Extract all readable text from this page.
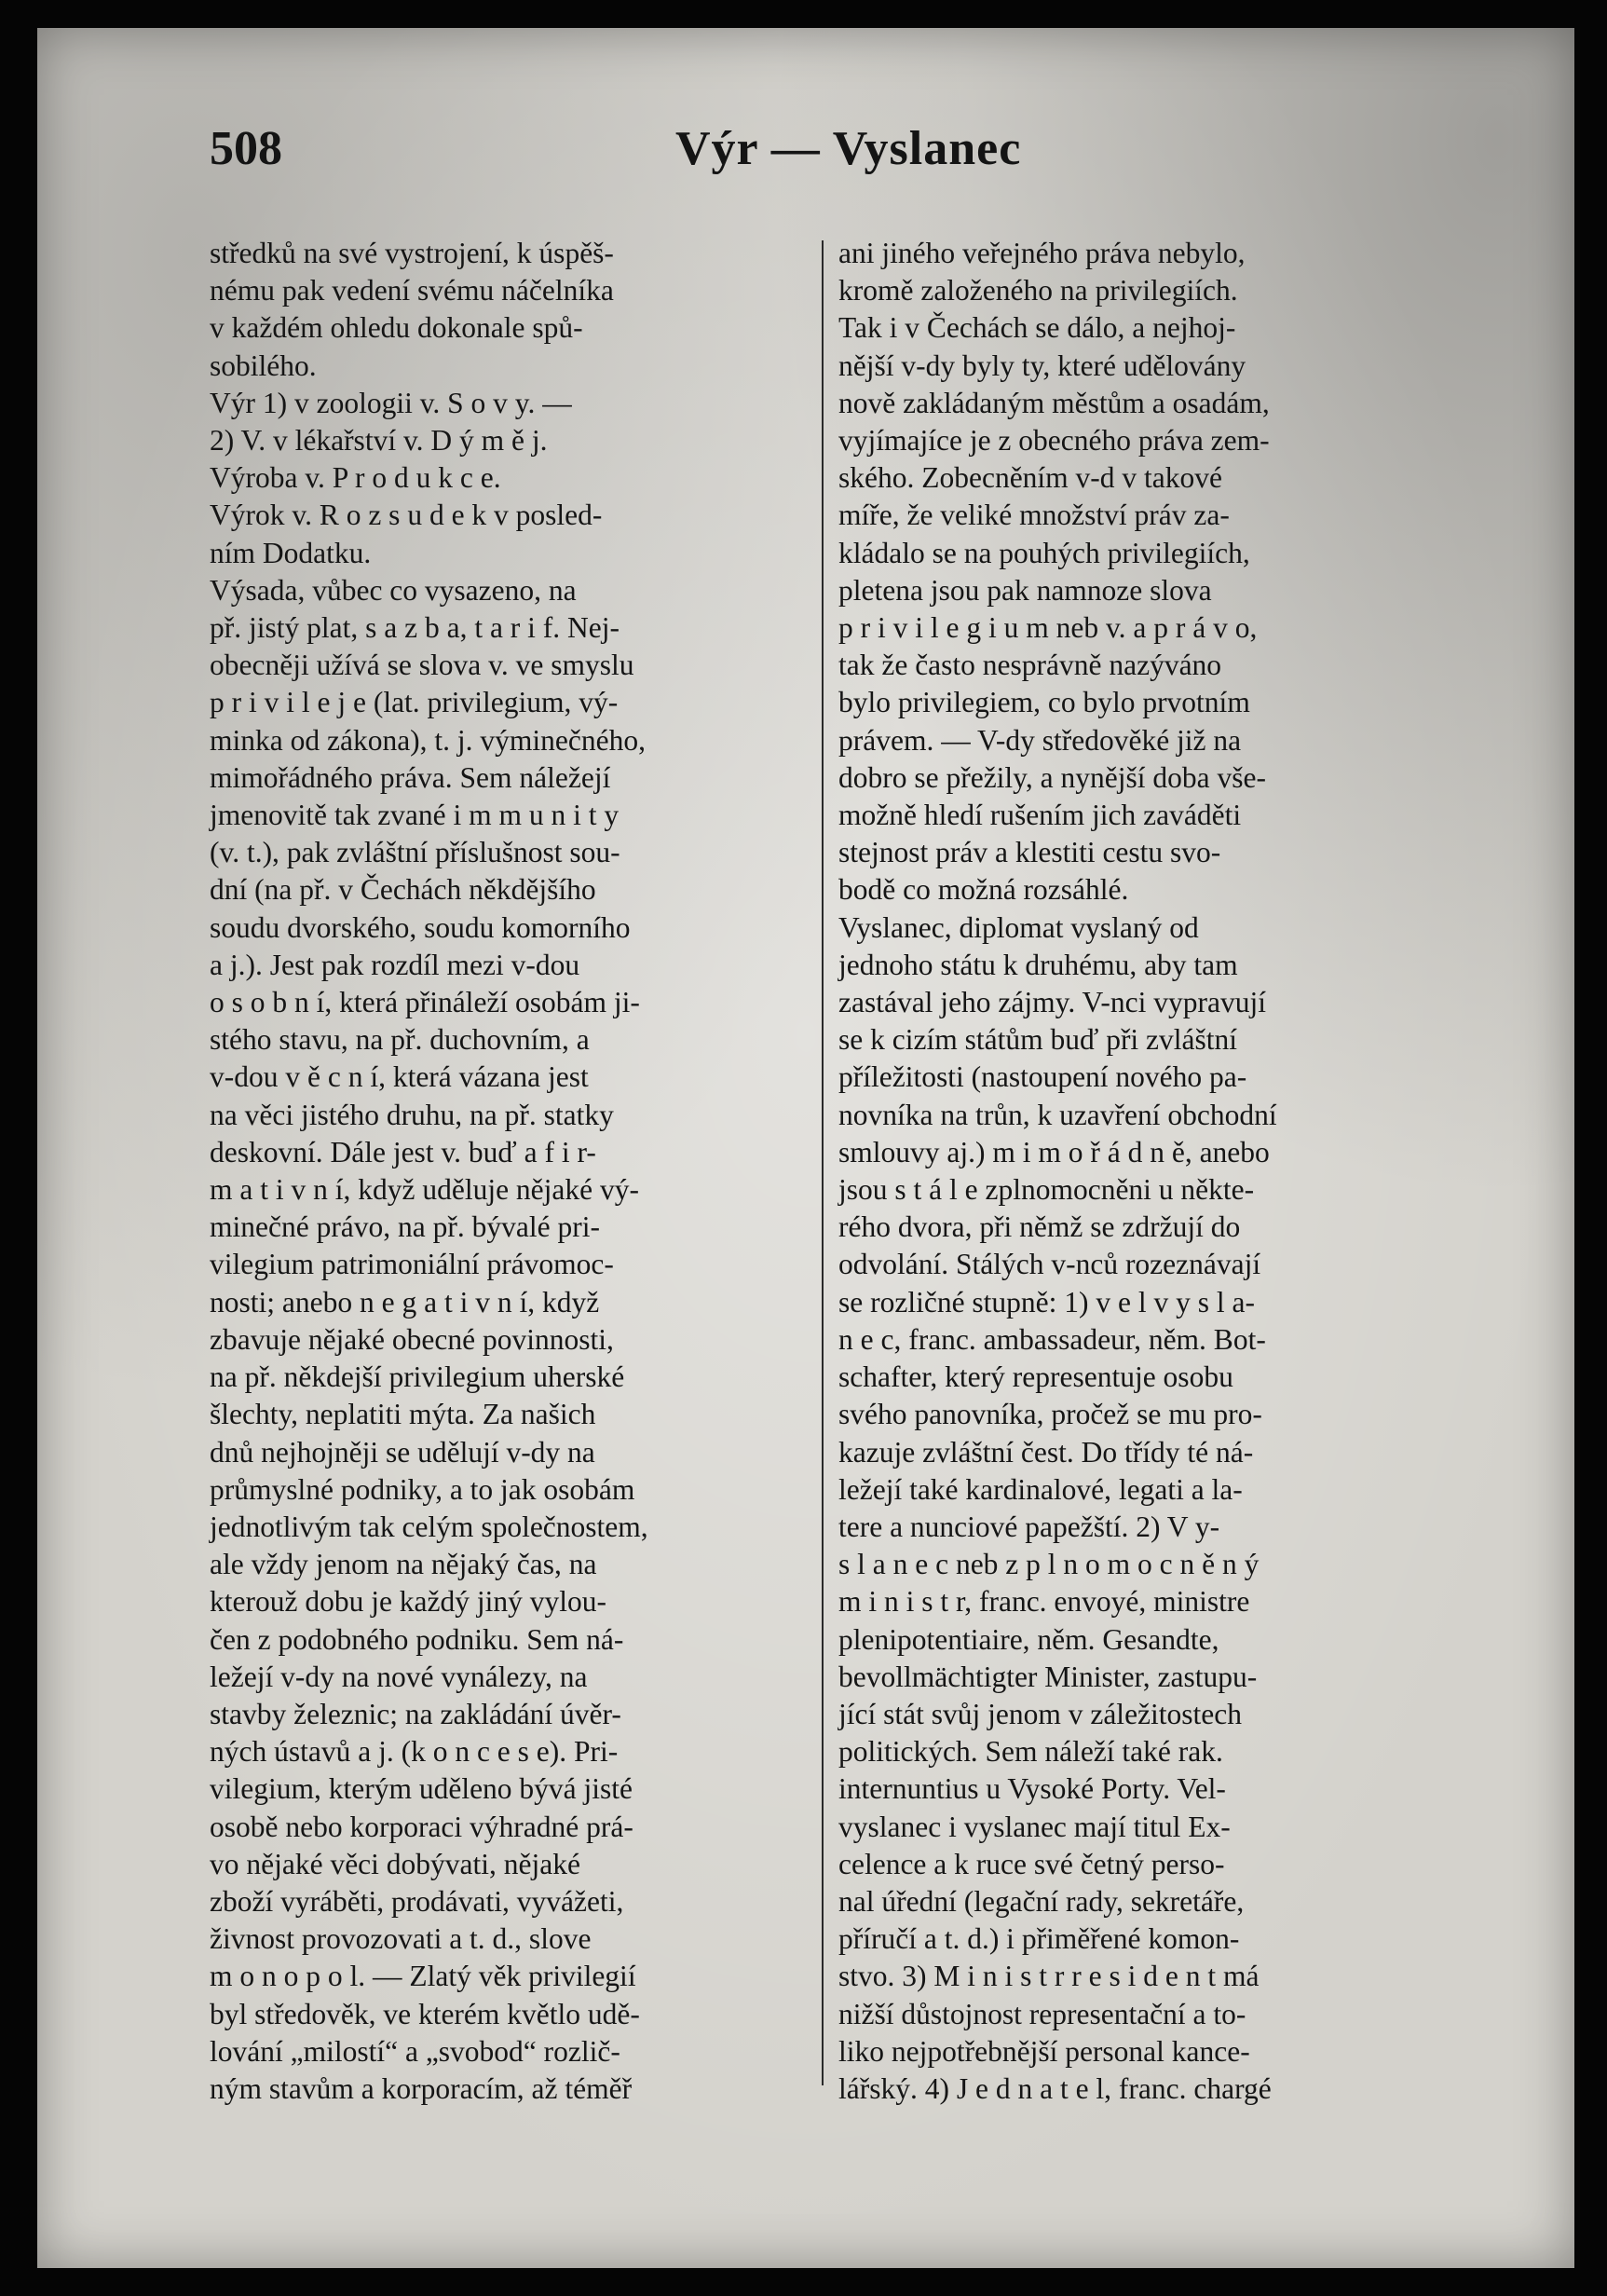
508	Výr — Vyslanec
středků na své vystrojení, k úspěš-
nému pak vedení svému náčelníka
v každém ohledu dokonale spů-
sobilého.
Výr 1) v zoologii v. S o v y. —
2) V. v lékařství v. D ý m ě j.
Výroba v. P r o d u k c e.
Výrok v. R o z s u d e k v posled-
ním Dodatku.
Výsada, vůbec co vysazeno, na
př. jistý plat, s a z b a, t a r i f. Nej-
obecněji užívá se slova v. ve smyslu
p r i v i l e j e (lat. privilegium, vý-
minka od zákona), t. j. výminečného,
mimořádného práva. Sem náležejí
jmenovitě tak zvané i m m u n i t y
(v. t.), pak zvláštní příslušnost sou-
dní (na př. v Čechách někdějšího
soudu dvorského, soudu komorního
a j.). Jest pak rozdíl mezi v-dou
o s o b n í, která přináleží osobám ji-
stého stavu, na př. duchovním, a
v-dou v ě c n í, která vázana jest
na věci jistého druhu, na př. statky
deskovní. Dále jest v. buď a f i r-
m a t i v n í, když uděluje nějaké vý-
minečné právo, na př. bývalé pri-
vilegium patrimoniální právomoc-
nosti; anebo n e g a t i v n í, když
zbavuje nějaké obecné povinnosti,
na př. někdejší privilegium uherské
šlechty, neplatiti mýta. Za našich
dnů nejhojněji se udělují v-dy na
průmyslné podniky, a to jak osobám
jednotlivým tak celým společnostem,
ale vždy jenom na nějaký čas, na
kterouž dobu je každý jiný vylou-
čen z podobného podniku. Sem ná-
ležejí v-dy na nové vynálezy, na
stavby železnic; na zakládání úvěr-
ných ústavů a j. (k o n c e s e). Pri-
vilegium, kterým uděleno bývá jisté
osobě nebo korporaci výhradné prá-
vo nějaké věci dobývati, nějaké
zboží vyráběti, prodávati, vyvážeti,
živnost provozovati a t. d., slove
m o n o p o l. — Zlatý věk privilegií
byl středověk, ve kterém květlo udě-
lování „milostí“ a „svobod“ rozlič-
ným stavům a korporacím, až téměř
ani jiného veřejného práva nebylo,
kromě založeného na privilegiích.
Tak i v Čechách se dálo, a nejhoj-
nější v-dy byly ty, které udělovány
nově zakládaným městům a osadám,
vyjímajíce je z obecného práva zem-
ského. Zobecněním v-d v takové
míře, že veliké množství práv za-
kládalo se na pouhých privilegiích,
pletena jsou pak namnoze slova
p r i v i l e g i u m neb v. a p r á v o,
tak že často nesprávně nazýváno
bylo privilegiem, co bylo prvotním
právem. — V-dy středověké již na
dobro se přežily, a nynější doba vše-
možně hledí rušením jich zaváděti
stejnost práv a klestiti cestu svo-
bodě co možná rozsáhlé.
Vyslanec, diplomat vyslaný od
jednoho státu k druhému, aby tam
zastával jeho zájmy. V-nci vypravují
se k cizím státům buď při zvláštní
příležitosti (nastoupení nového pa-
novníka na trůn, k uzavření obchodní
smlouvy aj.) m i m o ř á d n ě, anebo
jsou s t á l e zplnomocněni u někte-
rého dvora, při němž se zdržují do
odvolání. Stálých v-nců rozeznávají
se rozličné stupně: 1) v e l v y s l a-
n e c, franc. ambassadeur, něm. Bot-
schafter, který representuje osobu
svého panovníka, pročež se mu pro-
kazuje zvláštní čest. Do třídy té ná-
ležejí také kardinalové, legati a la-
tere a nunciové papežští. 2) V y-
s l a n e c neb z p l n o m o c n ě n ý
m i n i s t r, franc. envoyé, ministre
plenipotentiaire, něm. Gesandte,
bevollmächtigter Minister, zastupu-
jící stát svůj jenom v záležitostech
politických. Sem náleží také rak.
internuntius u Vysoké Porty. Vel-
vyslanec i vyslanec mají titul Ex-
celence a k ruce své četný perso-
nal úřední (legační rady, sekretáře,
příručí a t. d.) i přiměřené komon-
stvo. 3) M i n i s t r r e s i d e n t má
nižší důstojnost representační a to-
liko nejpotřebnější personal kance-
lářský. 4) J e d n a t e l, franc. chargé
